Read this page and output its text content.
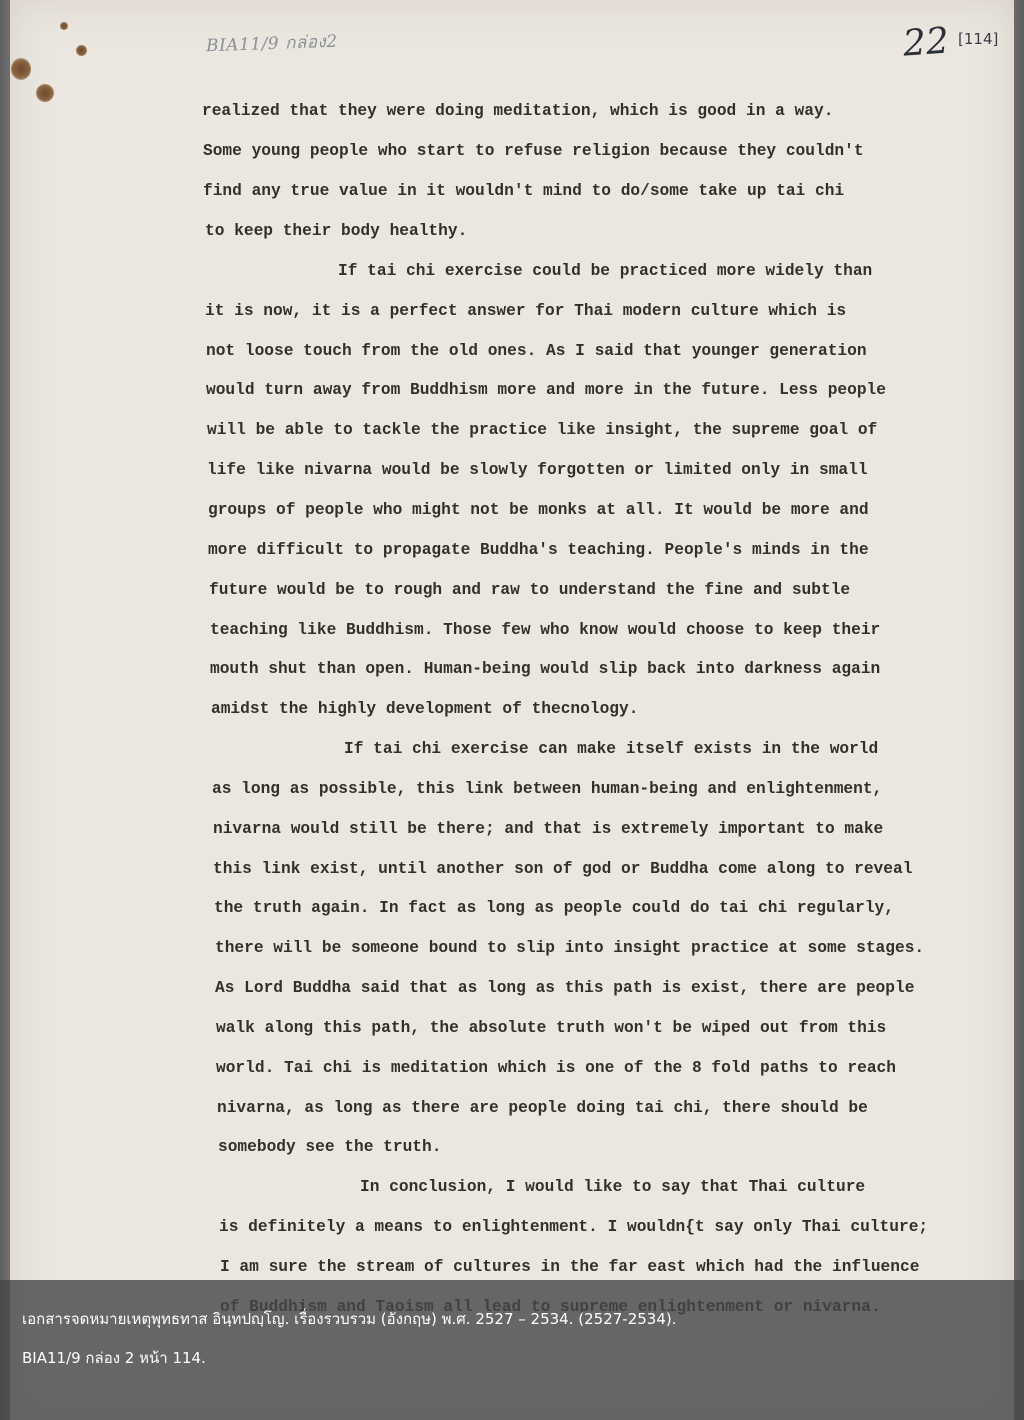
BIA11/9 กล่อง2	22 [114]

realized that they were doing meditation, which is good in a way.

Some young people who start to refuse religion because they couldn't

find any true value in it wouldn't mind to do/some take up tai chi

to keep their body healthy.

If tai chi exercise could be practiced more widely than

it is now, it is a perfect answer for Thai modern culture which is

not loose touch from the old ones. As I said that younger generation

would turn away from Buddhism more and more in the future. Less people

will be able to tackle the practice like insight, the supreme goal of

life like nivarna would be slowly forgotten or limited only in small

groups of people who might not be monks at all. It would be more and

more difficult to propagate Buddha's teaching. People's minds in the

future would be to rough and raw to understand the fine and subtle

teaching like Buddhism. Those few who know would choose to keep their

mouth shut than open. Human-being would slip back into darkness again

amidst the highly development of thecnology.

If tai chi exercise can make itself exists in the world

as long as possible, this link between human-being and enlightenment,

nivarna would still be there; and that is extremely important to make

this link exist, until another son of god or Buddha come along to reveal

the truth again. In fact as long as people could do tai chi regularly,

there will be someone bound to slip into insight practice at some stages.

As Lord Buddha said that as long as this path is exist, there are people

walk along this path, the absolute truth won't be wiped out from this

world. Tai chi is meditation which is one of the 8 fold paths to reach

nivarna, as long as there are people doing tai chi, there should be

somebody see the truth.

In conclusion, I would like to say that Thai culture

is definitely a means to enlightenment. I wouldn{t say only Thai culture;

I am sure the stream of cultures in the far east which had the influence

เอกสารจดหมายเหตุพุทธทาส อินฺทปญฺโญ. เรื่องรวบรวม (อังกฤษ) พ.ศ. 2527 – 2534. (2527-2534).
BIA11/9 กล่อง 2 หน้า 114.
